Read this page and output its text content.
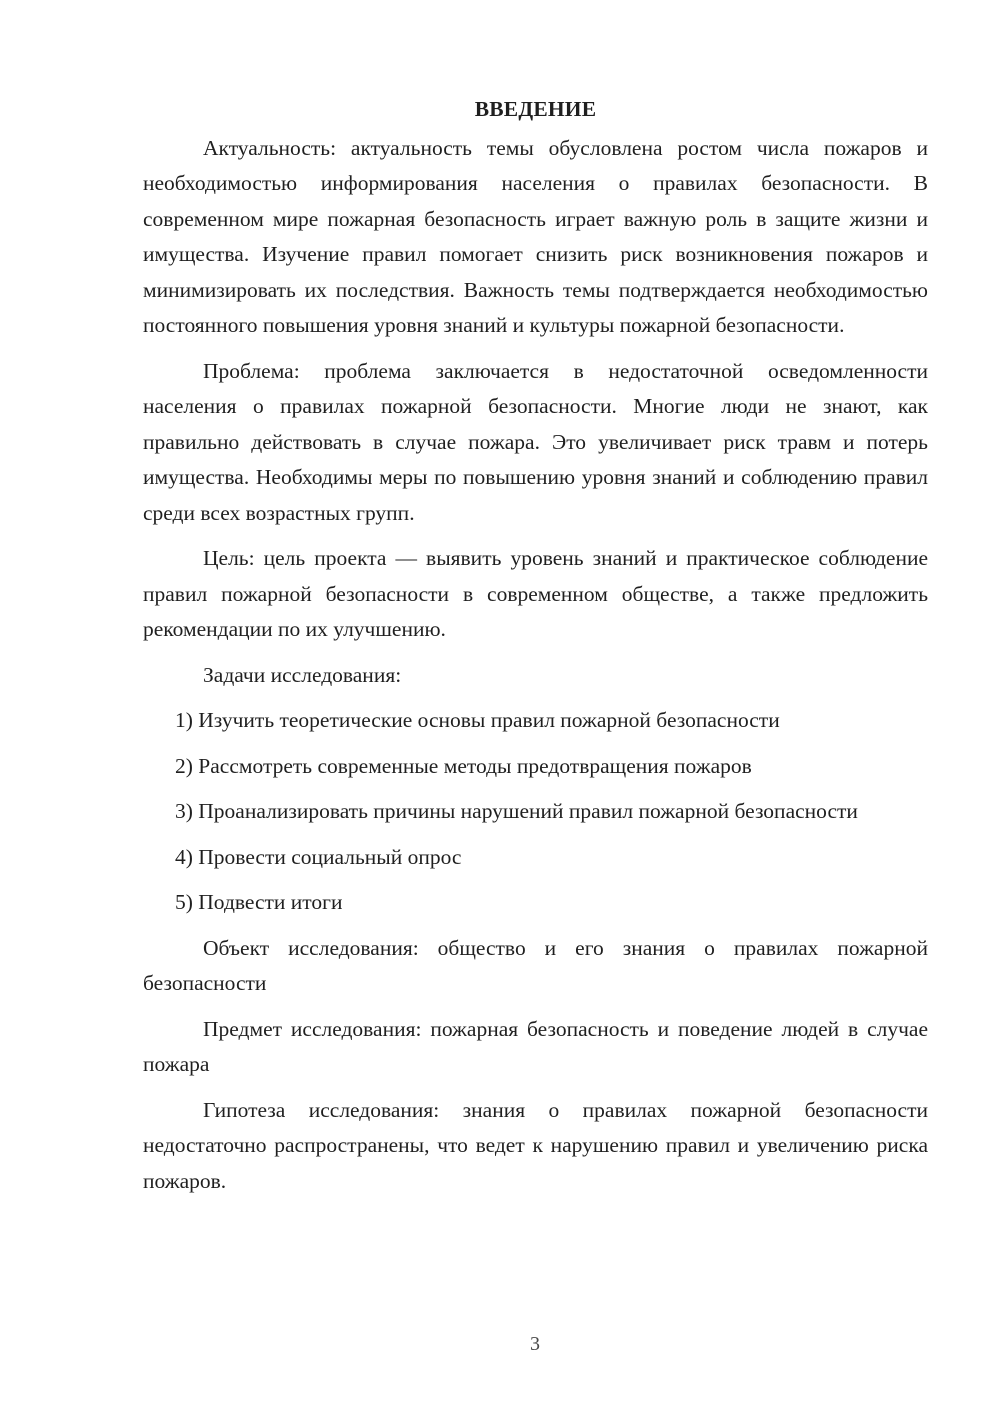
ВВЕДЕНИЕ

Актуальность: актуальность темы обусловлена ростом числа пожаров и необходимостью информирования населения о правилах безопасности. В современном мире пожарная безопасность играет важную роль в защите жизни и имущества. Изучение правил помогает снизить риск возникновения пожаров и минимизировать их последствия. Важность темы подтверждается необходимостью постоянного повышения уровня знаний и культуры пожарной безопасности.

Проблема: проблема заключается в недостаточной осведомленности населения о правилах пожарной безопасности. Многие люди не знают, как правильно действовать в случае пожара. Это увеличивает риск травм и потерь имущества. Необходимы меры по повышению уровня знаний и соблюдению правил среди всех возрастных групп.

Цель: цель проекта — выявить уровень знаний и практическое соблюдение правил пожарной безопасности в современном обществе, а также предложить рекомендации по их улучшению.

Задачи исследования:

1) Изучить теоретические основы правил пожарной безопасности

2) Рассмотреть современные методы предотвращения пожаров

3) Проанализировать причины нарушений правил пожарной безопасности

4) Провести социальный опрос

5) Подвести итоги

Объект исследования: общество и его знания о правилах пожарной безопасности

Предмет исследования: пожарная безопасность и поведение людей в случае пожара

Гипотеза исследования: знания о правилах пожарной безопасности недостаточно распространены, что ведет к нарушению правил и увеличению риска пожаров.

3
